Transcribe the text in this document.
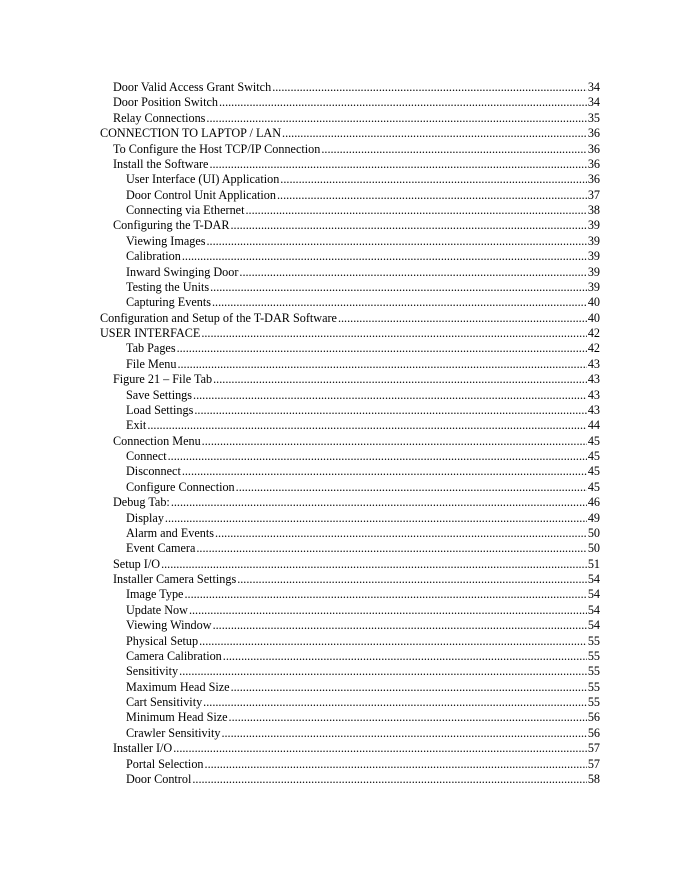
Door Valid Access Grant Switch .....	34
Door Position Switch .....	34
Relay Connections .....	35
CONNECTION TO LAPTOP / LAN .....	36
To Configure the Host TCP/IP Connection .....	36
Install the Software .....	36
User Interface (UI) Application .....	36
Door Control Unit Application .....	37
Connecting via Ethernet .....	38
Configuring the T-DAR .....	39
Viewing Images .....	39
Calibration .....	39
Inward Swinging Door .....	39
Testing the Units .....	39
Capturing Events .....	40
Configuration and Setup of the T-DAR Software .....	40
USER INTERFACE .....	42
Tab Pages .....	42
File Menu .....	43
Figure 21 – File Tab .....	43
Save Settings .....	43
Load Settings .....	43
Exit .....	44
Connection Menu .....	45
Connect .....	45
Disconnect .....	45
Configure Connection .....	45
Debug Tab: .....	46
Display .....	49
Alarm and Events .....	50
Event Camera .....	50
Setup I/O .....	51
Installer Camera Settings .....	54
Image Type .....	54
Update Now .....	54
Viewing Window .....	54
Physical Setup .....	55
Camera Calibration .....	55
Sensitivity .....	55
Maximum Head Size .....	55
Cart Sensitivity .....	55
Minimum Head Size .....	56
Crawler Sensitivity .....	56
Installer I/O .....	57
Portal Selection .....	57
Door Control .....	58
